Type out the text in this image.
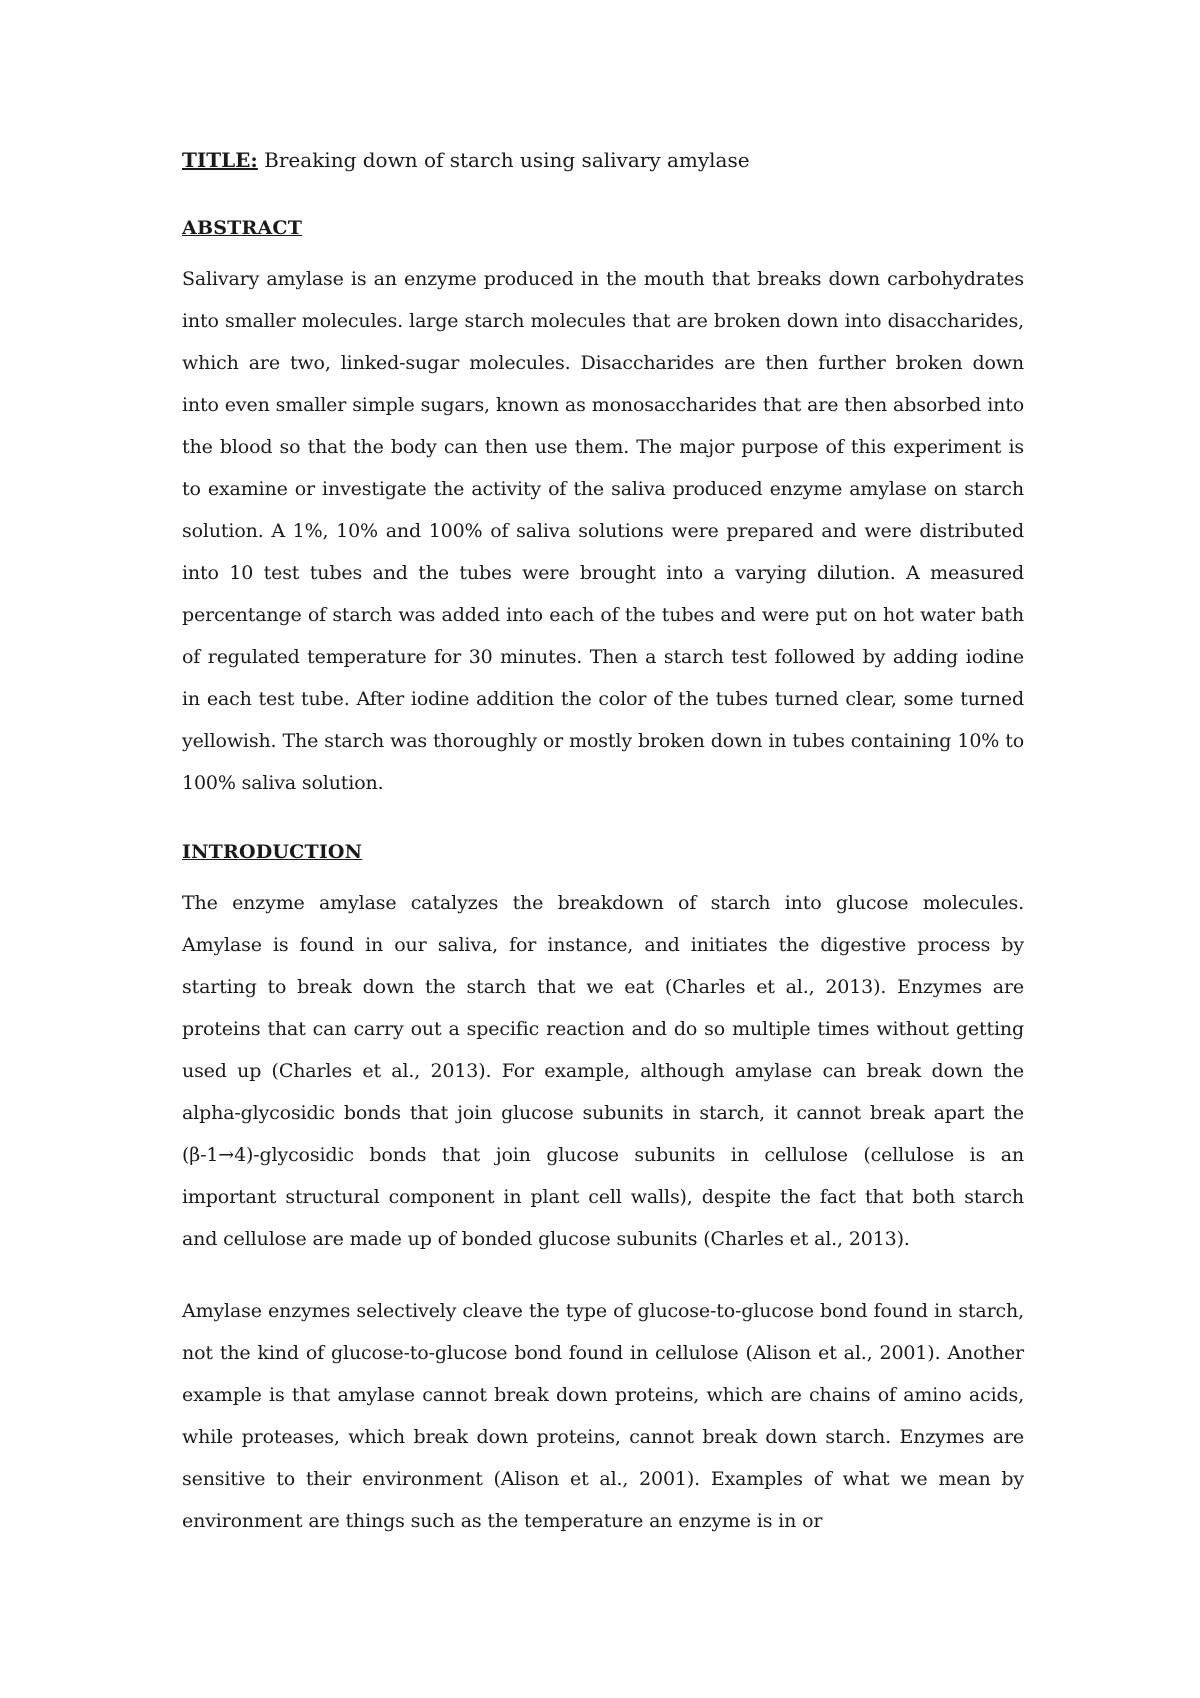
TITLE: Breaking down of starch using salivary amylase

ABSTRACT

Salivary amylase is an enzyme produced in the mouth that breaks down carbohydrates into smaller molecules. large starch molecules that are broken down into disaccharides, which are two, linked-sugar molecules. Disaccharides are then further broken down into even smaller simple sugars, known as monosaccharides that are then absorbed into the blood so that the body can then use them. The major purpose of this experiment is to examine or investigate the activity of the saliva produced enzyme amylase on starch solution. A 1%, 10% and 100% of saliva solutions were prepared and were distributed into 10 test tubes and the tubes were brought into a varying dilution. A measured percentange of starch was added into each of the tubes and were put on hot water bath of regulated temperature for 30 minutes. Then a starch test followed by adding iodine in each test tube. After iodine addition the color of the tubes turned clear, some turned yellowish. The starch was thoroughly or mostly broken down in tubes containing 10% to 100% saliva solution.

INTRODUCTION

The enzyme amylase catalyzes the breakdown of starch into glucose molecules. Amylase is found in our saliva, for instance, and initiates the digestive process by starting to break down the starch that we eat (Charles et al., 2013). Enzymes are proteins that can carry out a specific reaction and do so multiple times without getting used up (Charles et al., 2013). For example, although amylase can break down the alpha-glycosidic bonds that join glucose subunits in starch, it cannot break apart the (β-1→4)-glycosidic bonds that join glucose subunits in cellulose (cellulose is an important structural component in plant cell walls), despite the fact that both starch and cellulose are made up of bonded glucose subunits (Charles et al., 2013).

Amylase enzymes selectively cleave the type of glucose-to-glucose bond found in starch, not the kind of glucose-to-glucose bond found in cellulose (Alison et al., 2001). Another example is that amylase cannot break down proteins, which are chains of amino acids, while proteases, which break down proteins, cannot break down starch. Enzymes are sensitive to their environment (Alison et al., 2001). Examples of what we mean by environment are things such as the temperature an enzyme is in or
